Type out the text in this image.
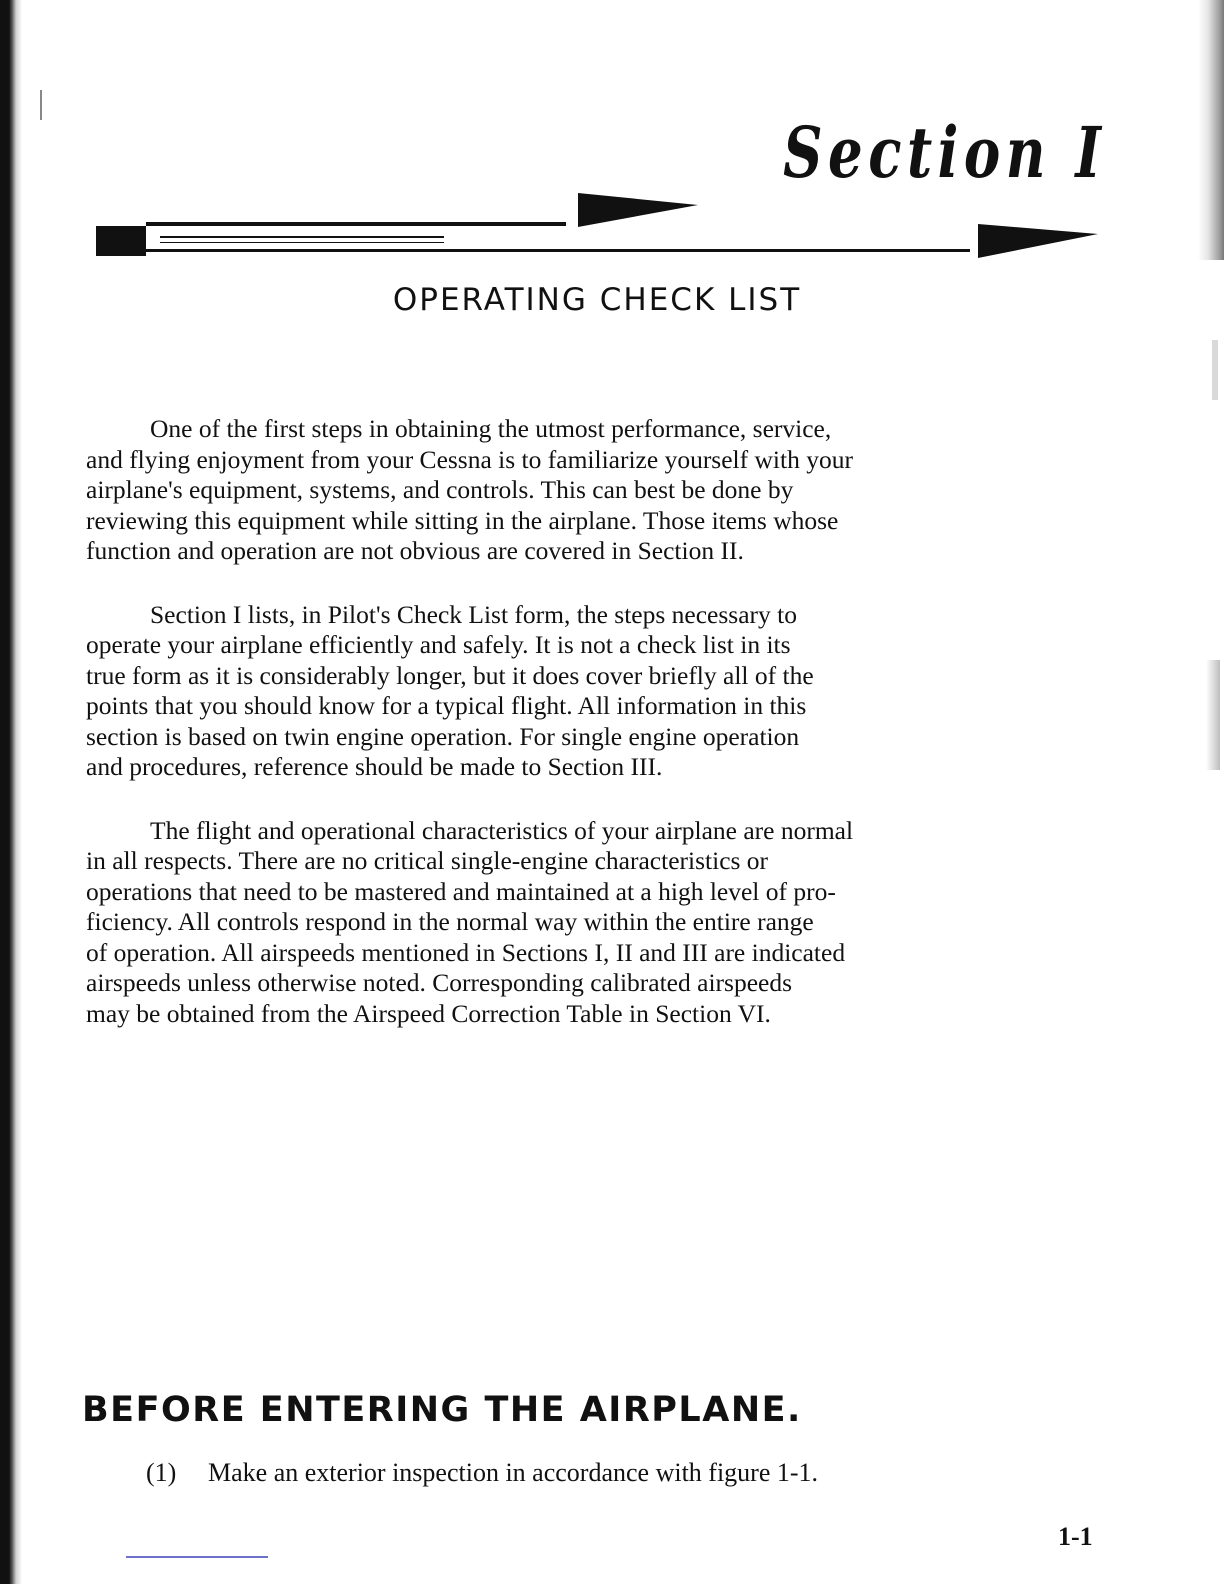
Section I
OPERATING CHECK LIST

One of the first steps in obtaining the utmost performance, service,
and flying enjoyment from your Cessna is to familiarize yourself with your
airplane's equipment, systems, and controls. This can best be done by
reviewing this equipment while sitting in the airplane. Those items whose
function and operation are not obvious are covered in Section II.

Section I lists, in Pilot's Check List form, the steps necessary to
operate your airplane efficiently and safely. It is not a check list in its
true form as it is considerably longer, but it does cover briefly all of the
points that you should know for a typical flight. All information in this
section is based on twin engine operation. For single engine operation
and procedures, reference should be made to Section III.

The flight and operational characteristics of your airplane are normal
in all respects. There are no critical single-engine characteristics or
operations that need to be mastered and maintained at a high level of pro-
ficiency. All controls respond in the normal way within the entire range
of operation. All airspeeds mentioned in Sections I, II and III are indicated
airspeeds unless otherwise noted. Corresponding calibrated airspeeds
may be obtained from the Airspeed Correction Table in Section VI.

BEFORE ENTERING THE AIRPLANE.
(1) Make an exterior inspection in accordance with figure 1-1.
1-1
